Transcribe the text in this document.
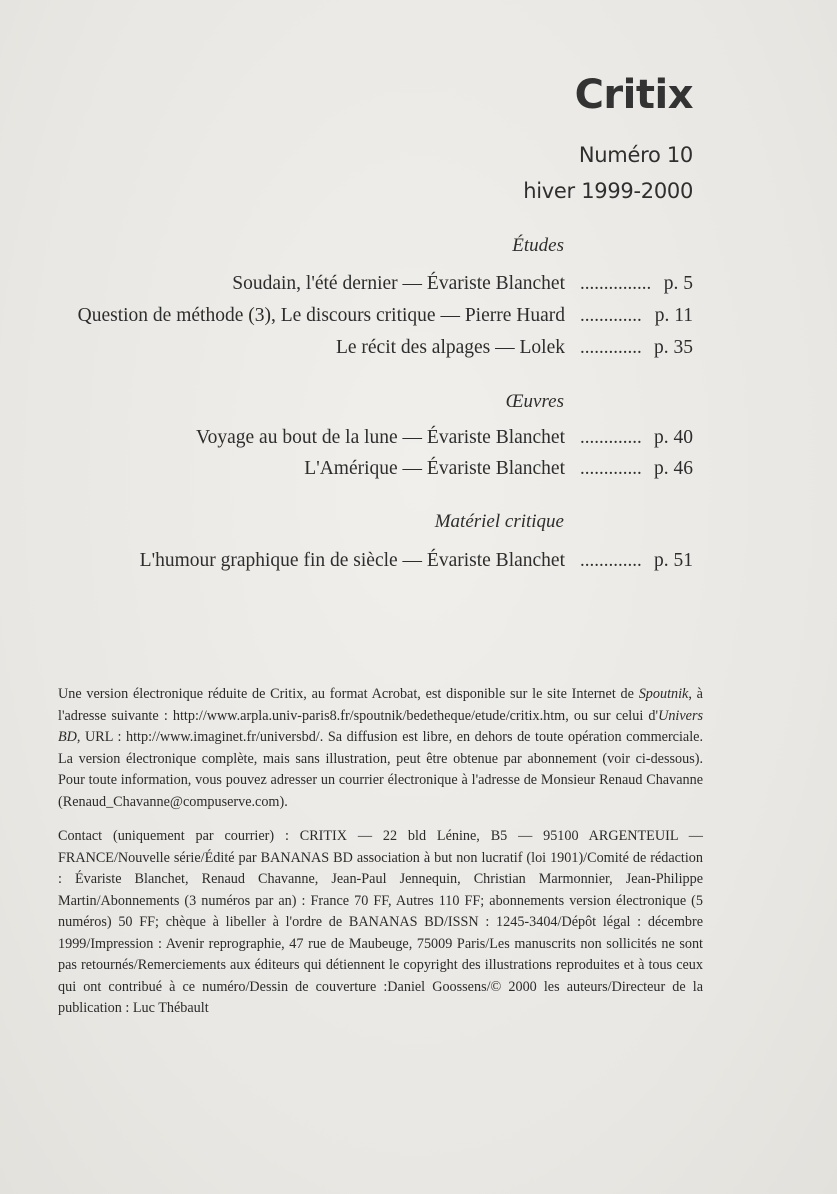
Critix
Numéro 10
hiver 1999-2000
Études
Soudain, l'été dernier — Évariste Blanchet ............... p. 5
Question de méthode (3), Le discours critique — Pierre Huard ............. p. 11
Le récit des alpages — Lolek ............. p. 35
Œuvres
Voyage au bout de la lune — Évariste Blanchet ............. p. 40
L'Amérique — Évariste Blanchet ............. p. 46
Matériel critique
L'humour graphique fin de siècle — Évariste Blanchet ............. p. 51
Une version électronique réduite de Critix, au format Acrobat, est disponible sur le site Internet de Spoutnik, à l'adresse suivante : http://www.arpla.univ-paris8.fr/spoutnik/bedetheque/etude/critix.htm, ou sur celui d'Univers BD, URL : http://www.imaginet.fr/universbd/. Sa diffusion est libre, en dehors de toute opération commerciale. La version électronique complète, mais sans illustration, peut être obtenue par abonnement (voir ci-dessous). Pour toute information, vous pouvez adresser un courrier électronique à l'adresse de Monsieur Renaud Chavanne (Renaud_Chavanne@compuserve.com).
Contact (uniquement par courrier) : CRITIX — 22 bld Lénine, B5 — 95100 ARGENTEUIL — FRANCE/Nouvelle série/Édité par BANANAS BD association à but non lucratif (loi 1901)/Comité de rédaction : Évariste Blanchet, Renaud Chavanne, Jean-Paul Jennequin, Christian Marmonnier, Jean-Philippe Martin/Abonnements (3 numéros par an) : France 70 FF, Autres 110 FF; abonnements version électronique (5 numéros) 50 FF; chèque à libeller à l'ordre de BANANAS BD/ISSN : 1245-3404/Dépôt légal : décembre 1999/Impression : Avenir reprographie, 47 rue de Maubeuge, 75009 Paris/Les manuscrits non sollicités ne sont pas retournés/Remerciements aux éditeurs qui détiennent le copyright des illustrations reproduites et à tous ceux qui ont contribué à ce numéro/Dessin de couverture :Daniel Goossens/© 2000 les auteurs/Directeur de la publication : Luc Thébault
